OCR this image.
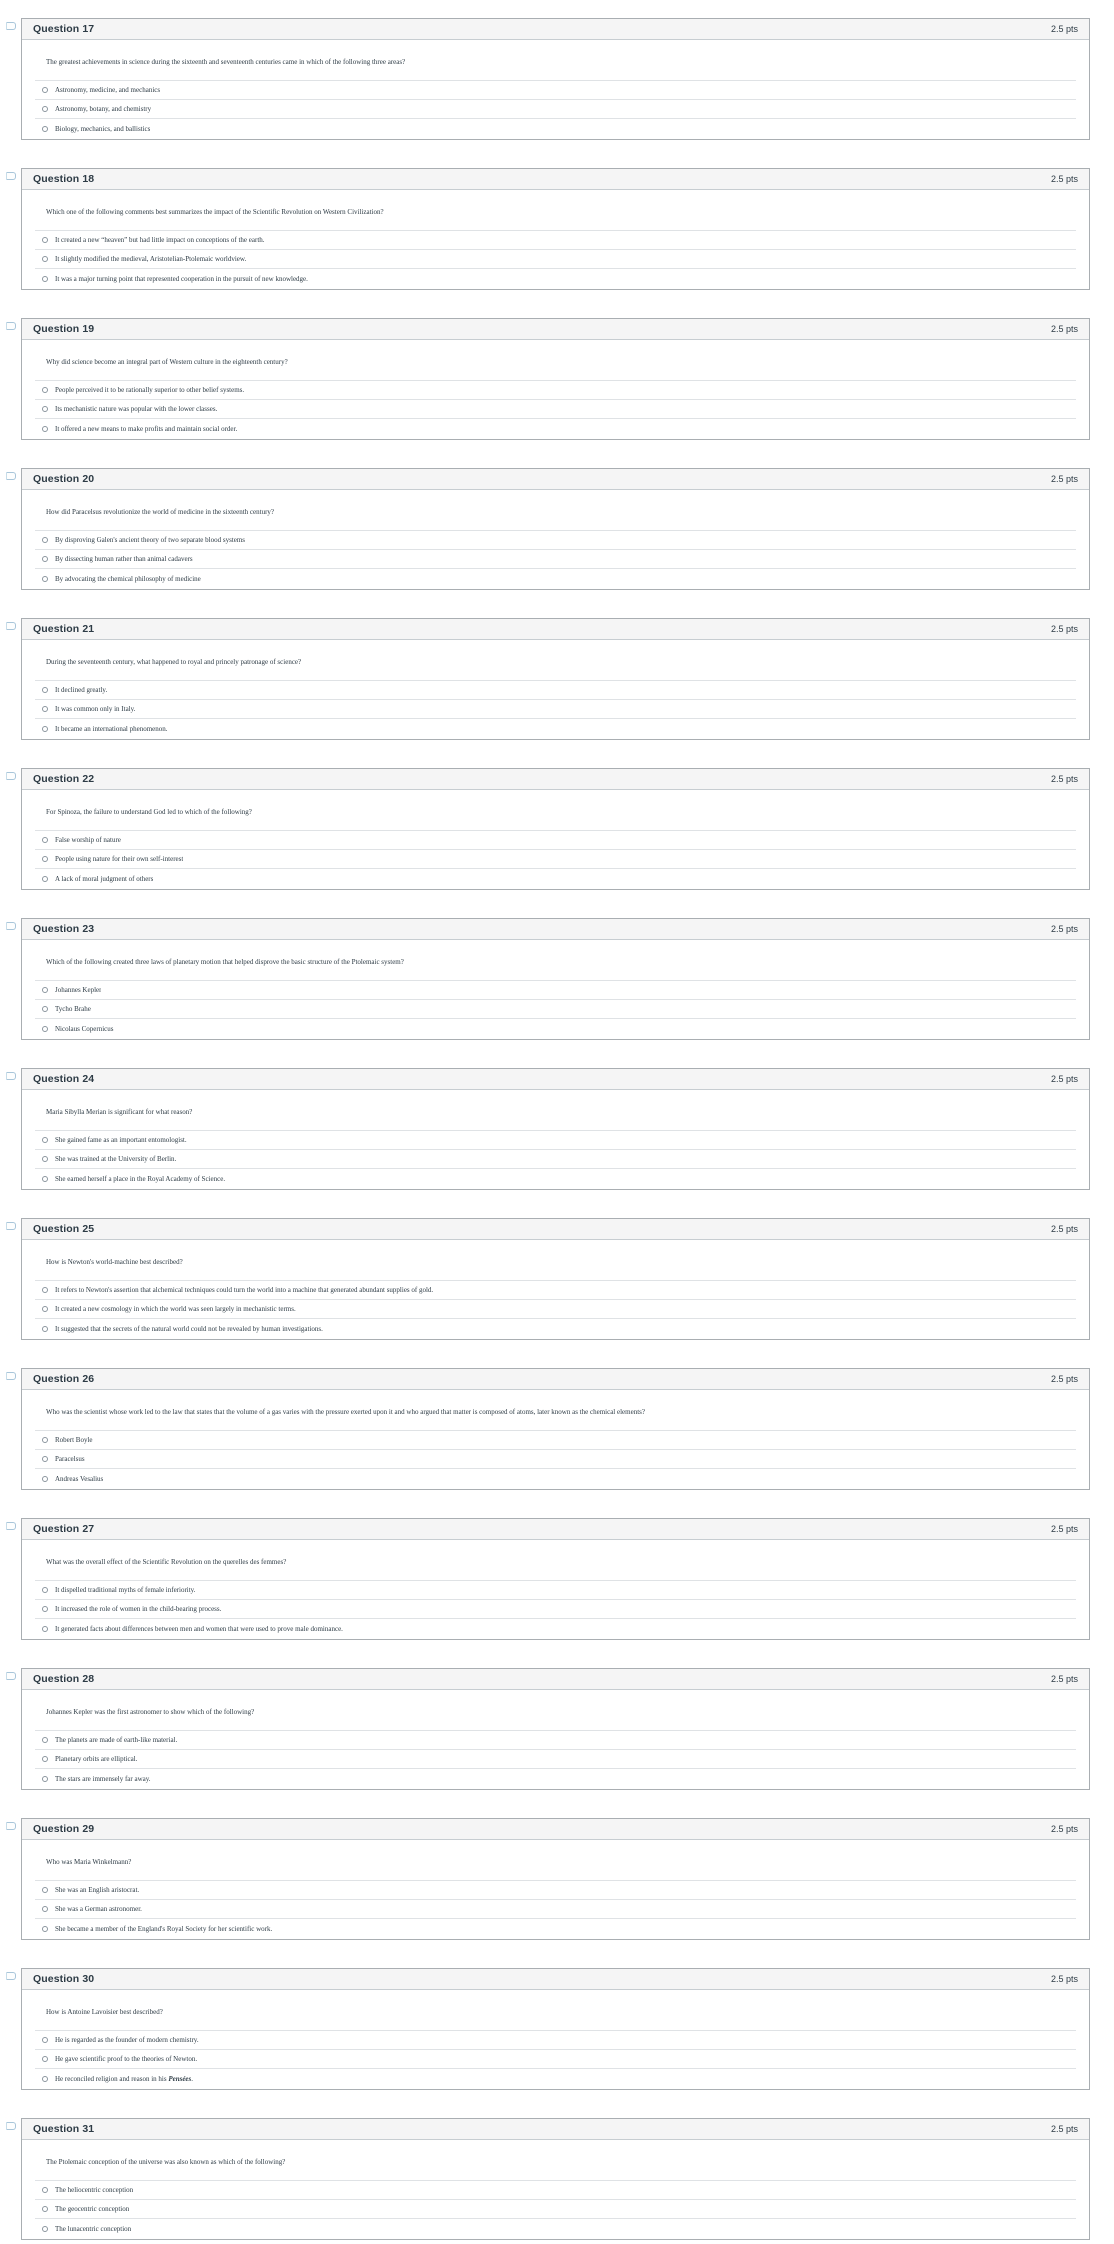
Question 17	2.5 pts
The greatest achievements in science during the sixteenth and seventeenth centuries came in which of the following three areas?
Astronomy, medicine, and mechanics
Astronomy, botany, and chemistry
Biology, mechanics, and ballistics
Question 18	2.5 pts
Which one of the following comments best summarizes the impact of the Scientific Revolution on Western Civilization?
It created a new “heaven” but had little impact on conceptions of the earth.
It slightly modified the medieval, Aristotelian-Ptolemaic worldview.
It was a major turning point that represented cooperation in the pursuit of new knowledge.
Question 19	2.5 pts
Why did science become an integral part of Western culture in the eighteenth century?
People perceived it to be rationally superior to other belief systems.
Its mechanistic nature was popular with the lower classes.
It offered a new means to make profits and maintain social order.
Question 20	2.5 pts
How did Paracelsus revolutionize the world of medicine in the sixteenth century?
By disproving Galen's ancient theory of two separate blood systems
By dissecting human rather than animal cadavers
By advocating the chemical philosophy of medicine
Question 21	2.5 pts
During the seventeenth century, what happened to royal and princely patronage of science?
It declined greatly.
It was common only in Italy.
It became an international phenomenon.
Question 22	2.5 pts
For Spinoza, the failure to understand God led to which of the following?
False worship of nature
People using nature for their own self-interest
A lack of moral judgment of others
Question 23	2.5 pts
Which of the following created three laws of planetary motion that helped disprove the basic structure of the Ptolemaic system?
Johannes Kepler
Tycho Brahe
Nicolaus Copernicus
Question 24	2.5 pts
Maria Sibylla Merian is significant for what reason?
She gained fame as an important entomologist.
She was trained at the University of Berlin.
She earned herself a place in the Royal Academy of Science.
Question 25	2.5 pts
How is Newton's world-machine best described?
It refers to Newton's assertion that alchemical techniques could turn the world into a machine that generated abundant supplies of gold.
It created a new cosmology in which the world was seen largely in mechanistic terms.
It suggested that the secrets of the natural world could not be revealed by human investigations.
Question 26	2.5 pts
Who was the scientist whose work led to the law that states that the volume of a gas varies with the pressure exerted upon it and who argued that matter is composed of atoms, later known as the chemical elements?
Robert Boyle
Paracelsus
Andreas Vesalius
Question 27	2.5 pts
What was the overall effect of the Scientific Revolution on the querelles des femmes?
It dispelled traditional myths of female inferiority.
It increased the role of women in the child-bearing process.
It generated facts about differences between men and women that were used to prove male dominance.
Question 28	2.5 pts
Johannes Kepler was the first astronomer to show which of the following?
The planets are made of earth-like material.
Planetary orbits are elliptical.
The stars are immensely far away.
Question 29	2.5 pts
Who was Maria Winkelmann?
She was an English aristocrat.
She was a German astronomer.
She became a member of the England's Royal Society for her scientific work.
Question 30	2.5 pts
How is Antoine Lavoisier best described?
He is regarded as the founder of modern chemistry.
He gave scientific proof to the theories of Newton.
He reconciled religion and reason in his Pensées.
Question 31	2.5 pts
The Ptolemaic conception of the universe was also known as which of the following?
The heliocentric conception
The geocentric conception
The lunacentric conception
